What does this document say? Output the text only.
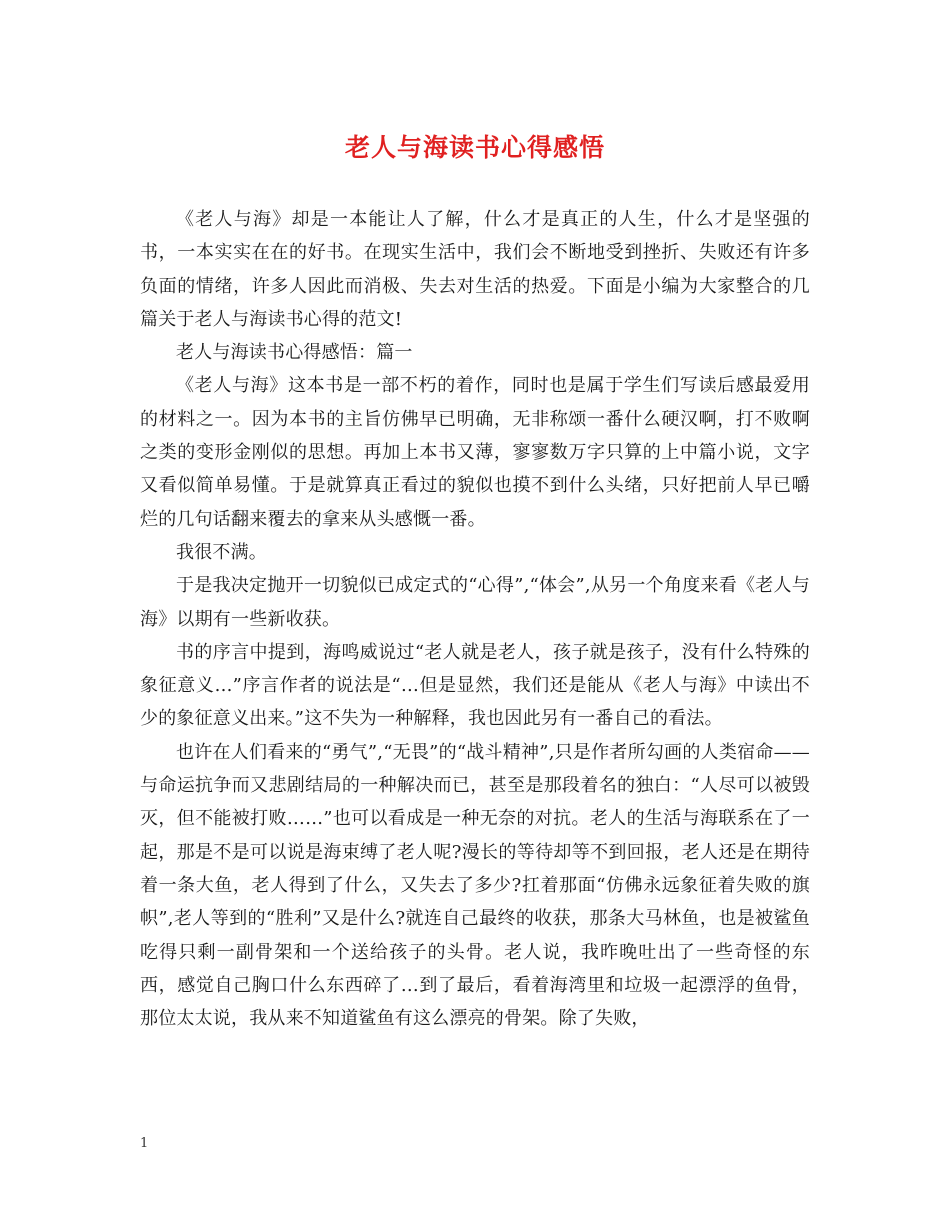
老人与海读书心得感悟

《老人与海》却是一本能让人了解，什么才是真正的人生，什么才是坚强的书，一本实实在在的好书。在现实生活中，我们会不断地受到挫折、失败还有许多负面的情绪，许多人因此而消极、失去对生活的热爱。下面是小编为大家整合的几篇关于老人与海读书心得的范文!

老人与海读书心得感悟：篇一

《老人与海》这本书是一部不朽的着作，同时也是属于学生们写读后感最爱用的材料之一。因为本书的主旨仿佛早已明确，无非称颂一番什么硬汉啊，打不败啊之类的变形金刚似的思想。再加上本书又薄，寥寥数万字只算的上中篇小说，文字又看似简单易懂。于是就算真正看过的貌似也摸不到什么头绪，只好把前人早已嚼烂的几句话翻来覆去的拿来从头感慨一番。

我很不满。

于是我决定抛开一切貌似已成定式的“心得”,“体会”,从另一个角度来看《老人与海》以期有一些新收获。

书的序言中提到，海鸣威说过“老人就是老人，孩子就是孩子，没有什么特殊的象征意义…”序言作者的说法是“…但是显然，我们还是能从《老人与海》中读出不少的象征意义出来。”这不失为一种解释，我也因此另有一番自己的看法。

也许在人们看来的“勇气”,“无畏”的“战斗精神”,只是作者所勾画的人类宿命——与命运抗争而又悲剧结局的一种解决而已，甚至是那段着名的独白：“人尽可以被毁灭，但不能被打败……”也可以看成是一种无奈的对抗。老人的生活与海联系在了一起，那是不是可以说是海束缚了老人呢?漫长的等待却等不到回报，老人还是在期待着一条大鱼，老人得到了什么，又失去了多少?扛着那面“仿佛永远象征着失败的旗帜”,老人等到的“胜利”又是什么?就连自己最终的收获，那条大马林鱼，也是被鲨鱼吃得只剩一副骨架和一个送给孩子的头骨。老人说，我昨晚吐出了一些奇怪的东西，感觉自己胸口什么东西碎了…到了最后，看着海湾里和垃圾一起漂浮的鱼骨，那位太太说，我从来不知道鲨鱼有这么漂亮的骨架。除了失败，

1
